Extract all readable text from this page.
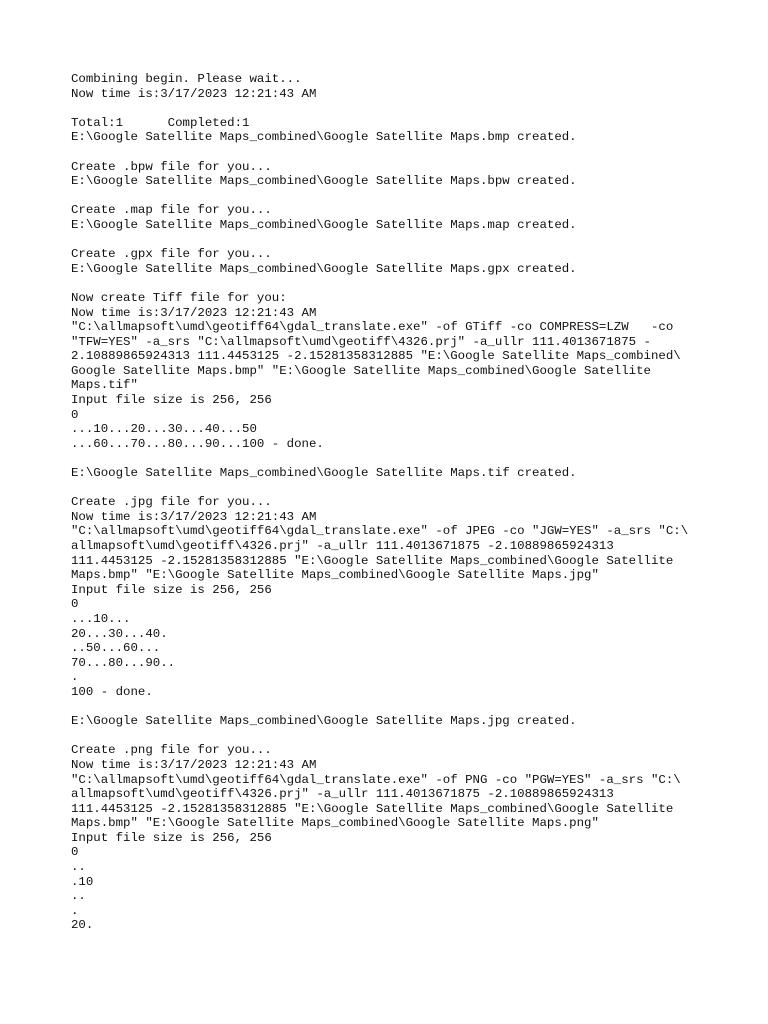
Combining begin. Please wait...
Now time is:3/17/2023 12:21:43 AM
Total:1      Completed:1
E:\Google Satellite Maps_combined\Google Satellite Maps.bmp created.
Create .bpw file for you...
E:\Google Satellite Maps_combined\Google Satellite Maps.bpw created.
Create .map file for you...
E:\Google Satellite Maps_combined\Google Satellite Maps.map created.
Create .gpx file for you...
E:\Google Satellite Maps_combined\Google Satellite Maps.gpx created.
Now create Tiff file for you:
Now time is:3/17/2023 12:21:43 AM
"C:\allmapsoft\umd\geotiff64\gdal_translate.exe" -of GTiff -co COMPRESS=LZW   -co
"TFW=YES" -a_srs "C:\allmapsoft\umd\geotiff\4326.prj" -a_ullr 111.4013671875 -
2.10889865924313 111.4453125 -2.15281358312885 "E:\Google Satellite Maps_combined\
Google Satellite Maps.bmp" "E:\Google Satellite Maps_combined\Google Satellite
Maps.tif"
Input file size is 256, 256
0
...10...20...30...40...50
...60...70...80...90...100 - done.
E:\Google Satellite Maps_combined\Google Satellite Maps.tif created.
Create .jpg file for you...
Now time is:3/17/2023 12:21:43 AM
"C:\allmapsoft\umd\geotiff64\gdal_translate.exe" -of JPEG -co "JGW=YES" -a_srs "C:\
allmapsoft\umd\geotiff\4326.prj" -a_ullr 111.4013671875 -2.10889865924313
111.4453125 -2.15281358312885 "E:\Google Satellite Maps_combined\Google Satellite
Maps.bmp" "E:\Google Satellite Maps_combined\Google Satellite Maps.jpg"
Input file size is 256, 256
0
...10...
20...30...40.
..50...60...
70...80...90..
.
100 - done.
E:\Google Satellite Maps_combined\Google Satellite Maps.jpg created.
Create .png file for you...
Now time is:3/17/2023 12:21:43 AM
"C:\allmapsoft\umd\geotiff64\gdal_translate.exe" -of PNG -co "PGW=YES" -a_srs "C:\
allmapsoft\umd\geotiff\4326.prj" -a_ullr 111.4013671875 -2.10889865924313
111.4453125 -2.15281358312885 "E:\Google Satellite Maps_combined\Google Satellite
Maps.bmp" "E:\Google Satellite Maps_combined\Google Satellite Maps.png"
Input file size is 256, 256
0
..
.10
..
.
20.
